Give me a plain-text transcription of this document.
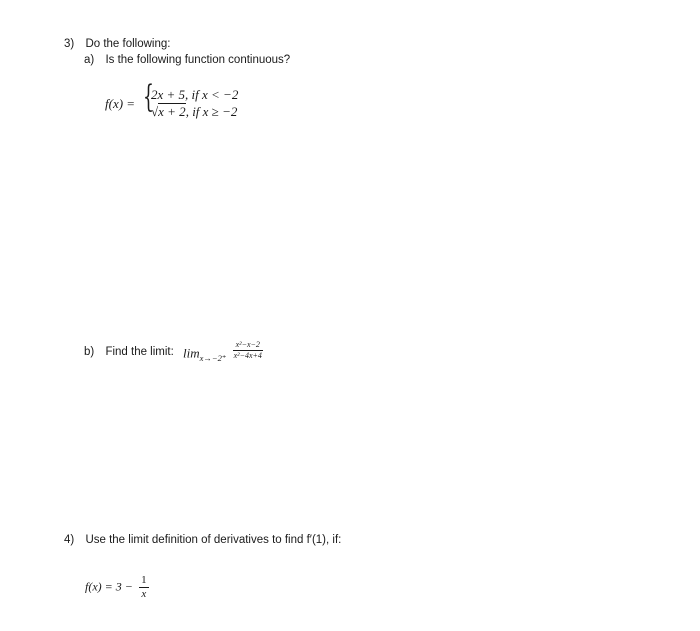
3) Do the following:
a) Is the following function continuous?
f(x) = {
2x + 5, if x < −2
√x + 2, if x ≥ −2
b) Find the limit: $\lim_{x\to-2^+} \frac{\text{x²−x−2}}{\text{x²−4x+4}}$
4) Use the limit definition of derivatives to find f′(1), if:
$f(x) = 3 - \frac{1}{x}$
